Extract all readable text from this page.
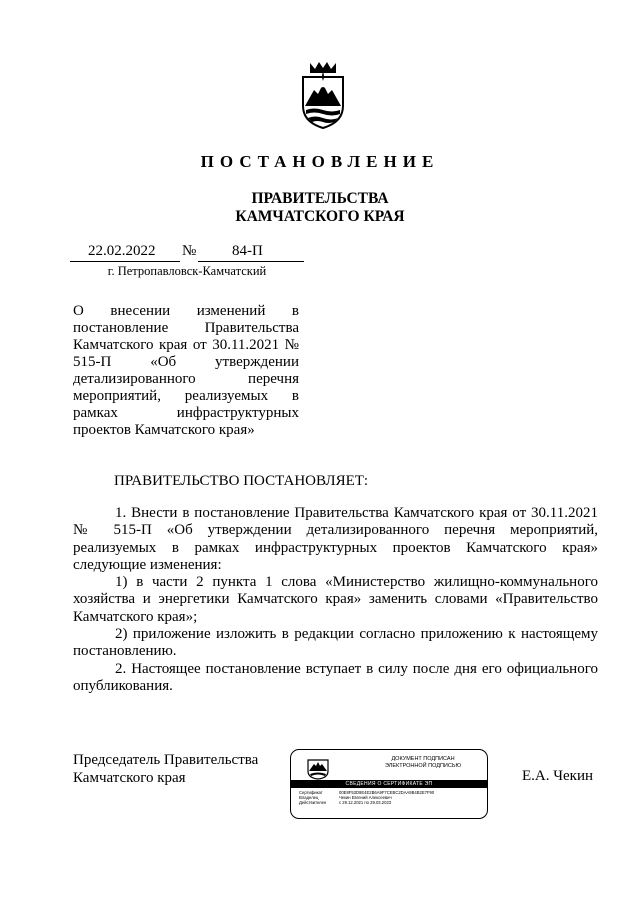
ПОСТАНОВЛЕНИЕ
ПРАВИТЕЛЬСТВА
КАМЧАТСКОГО КРАЯ
22.02.2022 № 84-П
г. Петропавловск-Камчатский
О внесении изменений в постановление Правительства Камчатского края от 30.11.2021 № 515-П «Об утверждении детализированного перечня мероприятий, реализуемых в рамках инфраструктурных проектов Камчатского края»
ПРАВИТЕЛЬСТВО ПОСТАНОВЛЯЕТ:

1. Внести в постановление Правительства Камчатского края от 30.11.2021 № 515-П «Об утверждении детализированного перечня мероприятий, реализуемых в рамках инфраструктурных проектов Камчатского края» следующие изменения:

1) в части 2 пункта 1 слова «Министерство жилищно-коммунального хозяйства и энергетики Камчатского края» заменить словами «Правительство Камчатского края»;

2) приложение изложить в редакции согласно приложению к настоящему постановлению.

2. Настоящее постановление вступает в силу после дня его официального опубликования.

Председатель Правительства
Камчатского края
ДОКУМЕНТ ПОДПИСАН
ЭЛЕКТРОННОЙ ПОДПИСЬЮ
СВЕДЕНИЯ О СЕРТИФИКАТЕ ЭП
Сертификат	00E8F53D9E4E2B6A9F7CEBC2DAA9B4B2E7F90
Владелец	Чекин Евгений Алексеевич
Действителен	с 29.12.2021 по 29.03.2023
Е.А. Чекин
